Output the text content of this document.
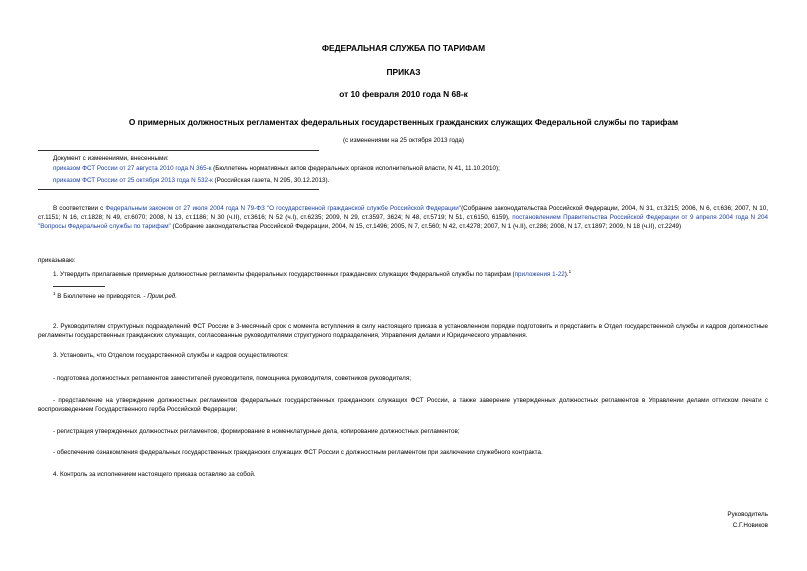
ФЕДЕРАЛЬНАЯ СЛУЖБА ПО ТАРИФАМ
ПРИКАЗ
от 10 февраля 2010 года N 68-к
О примерных должностных регламентах федеральных государственных гражданских служащих Федеральной службы по тарифам
(с изменениями на 25 октября 2013 года)
Документ с изменениями, внесенными:
приказом ФСТ России от 27 августа 2010 года N 365-к (Бюллетень нормативных актов федеральных органов исполнительной власти, N 41, 11.10.2010);
приказом ФСТ России от 25 октября 2013 года N 532-к (Российская газета, N 295, 30.12.2013).
В соответствии с Федеральным законом от 27 июля 2004 года N 79-ФЗ "О государственной гражданской службе Российской Федерации"(Собрание законодательства Российской Федерации, 2004, N 31, ст.3215; 2006, N 6, ст.636; 2007, N 10, ст.1151; N 16, ст.1828; N 49, ст.6070; 2008, N 13, ст.1186; N 30 (ч.II), ст.3616; N 52 (ч.I), ст.6235; 2009, N 29, ст.3597, 3624; N 48, ст.5719; N 51, ст.6150, 6159), постановлением Правительства Российской Федерации от 9 апреля 2004 года N 204 "Вопросы Федеральной службы по тарифам" (Собрание законодательства Российской Федерации, 2004, N 15, ст.1496; 2005, N 7, ст.560; N 42, ст.4278; 2007, N 1 (ч.II), ст.286; 2008, N 17, ст.1897; 2009, N 18 (ч.II), ст.2249)
приказываю:
1. Утвердить прилагаемые примерные должностные регламенты федеральных государственных гражданских служащих Федеральной службы по тарифам (приложения 1-22).$^1$
$^1$ В Бюллетене не приводятся. - Прим.ред.
2. Руководителям структурных подразделений ФСТ России в 3-месячный срок с момента вступления в силу настоящего приказа в установленном порядке подготовить и представить в Отдел государственной службы и кадров должностные регламенты государственных гражданских служащих, согласованные руководителями структурного подразделения, Управления делами и Юридического управления.
3. Установить, что Отделом государственной службы и кадров осуществляются:
- подготовка должностных регламентов заместителей руководителя, помощника руководителя, советников руководителя;
- представление на утверждение должностных регламентов федеральных государственных гражданских служащих ФСТ России, а также заверение утвержденных должностных регламентов в Управлении делами оттиском печати с воспроизведением Государственного герба Российской Федерации;
- регистрация утвержденных должностных регламентов, формирование в номенклатурные дела, копирование должностных регламентов;
- обеспечение ознакомления федеральных государственных гражданских служащих ФСТ России с должностным регламентом при заключении служебного контракта.
4. Контроль за исполнением настоящего приказа оставляю за собой.
Руководитель
С.Г.Новиков
